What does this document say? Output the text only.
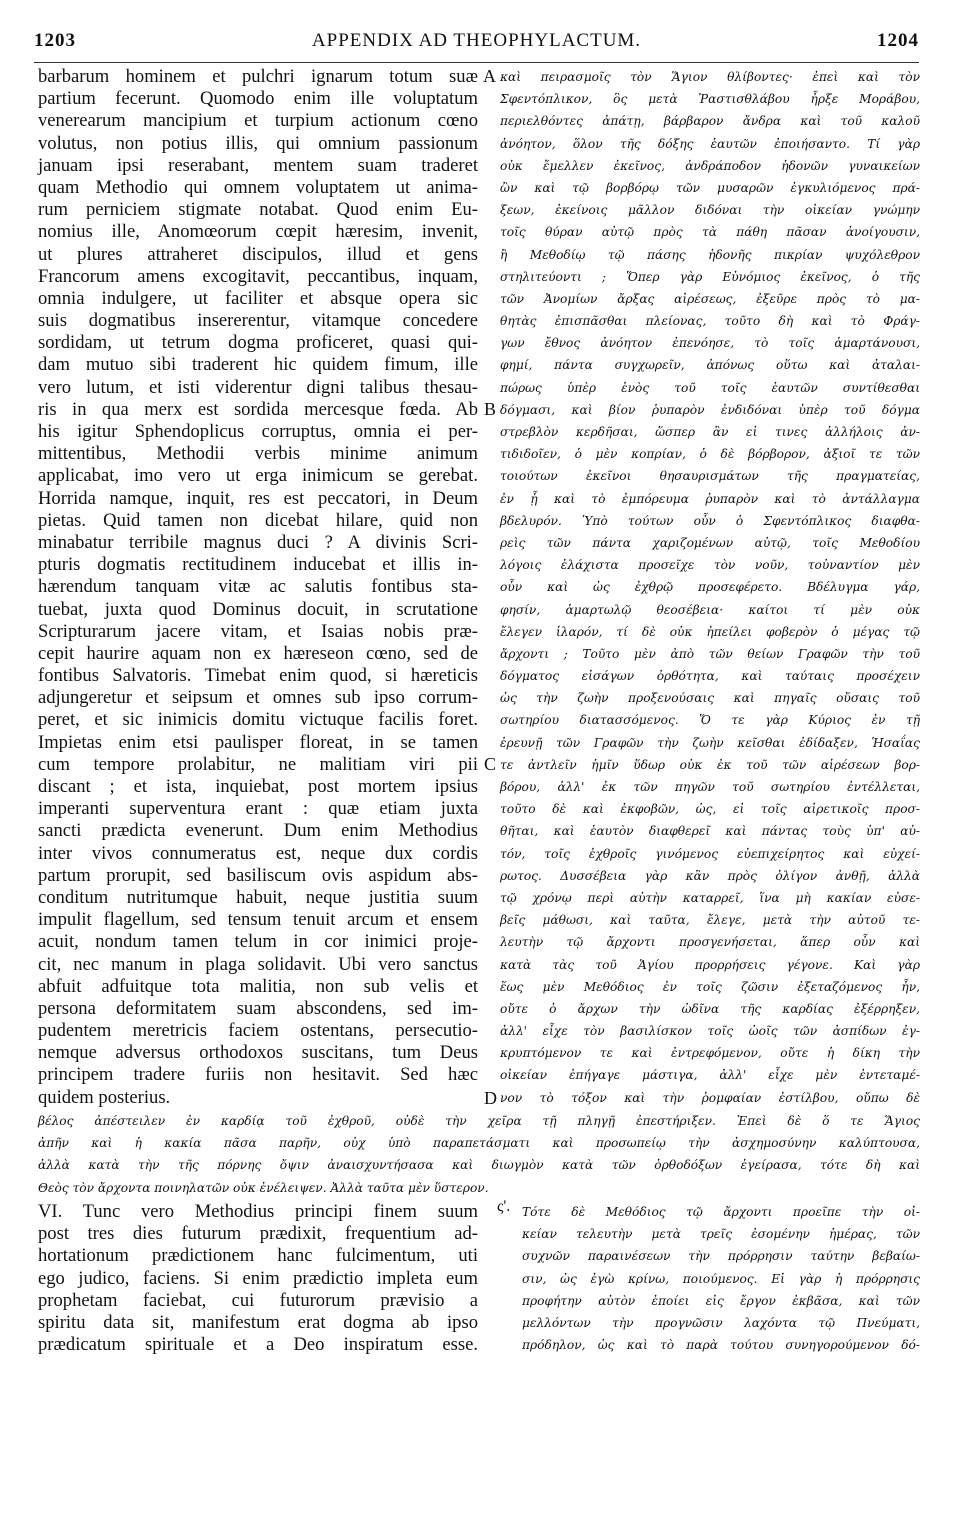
1203	APPENDIX AD THEOPHYLACTUM.	1204
barbarum hominem et pulchri ignarum totum suæ
partium fecerunt. Quomodo enim ille voluptatum
venerearum mancipium et turpium actionum cœno
volutus, non potius illis, qui omnium passionum
januam ipsi reserabant, mentem suam traderet
quam Methodio qui omnem voluptatem ut anima-
rum perniciem stigmate notabat. Quod enim Eu-
nomius ille, Anomœorum cœpit hæresim, invenit,
ut plures attraheret discipulos, illud et gens
Francorum amens excogitavit, peccantibus, inquam,
omnia indulgere, ut faciliter et absque opera sic
suis dogmatibus insererentur, vitamque concedere
sordidam, ut tetrum dogma proficeret, quasi qui-
dam mutuo sibi traderent hic quidem fimum, ille
vero lutum, et isti viderentur digni talibus thesau-
ris in qua merx est sordida mercesque fœda. Ab
his igitur Sphendoplicus corruptus, omnia ei per-
mittentibus, Methodii verbis minime animum
applicabat, imo vero ut erga inimicum se gerebat.
Horrida namque, inquit, res est peccatori, in Deum
pietas. Quid tamen non dicebat hilare, quid non
minabatur terribile magnus duci ? A divinis Scri-
pturis dogmatis rectitudinem inducebat et illis in-
hærendum tanquam vitæ ac salutis fontibus sta-
tuebat, juxta quod Dominus docuit, in scrutatione
Scripturarum jacere vitam, et Isaias nobis præ-
cepit haurire aquam non ex hæreseon cœno, sed de
fontibus Salvatoris. Timebat enim quod, si hæreticis
adjungeretur et seipsum et omnes sub ipso corrum-
peret, et sic inimicis domitu victuque facilis foret.
Impietas enim etsi paulisper floreat, in se tamen
cum tempore prolabitur, ne malitiam viri pii
discant ; et ista, inquiebat, post mortem ipsius
imperanti superventura erant : quæ etiam juxta
sancti prædicta evenerunt. Dum enim Methodius
inter vivos connumeratus est, neque dux cordis
partum prorupit, sed basiliscum ovis aspidum abs-
conditum nutritumque habuit, neque justitia suum
impulit flagellum, sed tensum tenuit arcum et ensem
acuit, nondum tamen telum in cor inimici proje-
cit, nec manum in plaga solidavit. Ubi vero sanctus
abfuit adfuitque tota malitia, non sub velis et
persona deformitatem suam abscondens, sed im-
pudentem meretricis faciem ostentans, persecutio-
nemque adversus orthodoxos suscitans, tum Deus
principem tradere furiis non hesitavit. Sed hæc
quidem posterius.
καὶ πειρασμοῖς τὸν Ἅγιον θλίβοντες· ἐπεὶ καὶ τὸν
Σφεντόπλικον, ὃς μετὰ Ῥαστισθλάβου ἦρξε Μοράβου,
περιελθόντες ἀπάτῃ, βάρβαρον ἄνδρα καὶ τοῦ καλοῦ
ἀνόητον, ὅλον τῆς δόξης ἑαυτῶν ἐποιήσαντο. Τί γὰρ
οὐκ ἔμελλεν ἐκεῖνος, ἀνδράποδον ἡδονῶν γυναικείων
ὢν καὶ τῷ βορβόρῳ τῶν μυσαρῶν ἐγκυλιόμενος πρά-
ξεων, ἐκείνοις μᾶλλον διδόναι τὴν οἰκείαν γνώμην
τοῖς θύραν αὐτῷ πρὸς τὰ πάθη πᾶσαν ἀνοίγουσιν,
ἢ Μεθοδίῳ τῷ πάσης ἡδονῆς πικρίαν ψυχόλεθρον
στηλιτεύοντι ; Ὅπερ γὰρ Εὐνόμιος ἐκεῖνος, ὁ τῆς
τῶν Ἀνομίων ἄρξας αἱρέσεως, ἐξεῦρε πρὸς τὸ μα-
θητὰς ἐπισπᾶσθαι πλείονας, τοῦτο δὴ καὶ τὸ Φράγ-
γων ἔθνος ἀνόητον ἐπενόησε, τὸ τοῖς ἁμαρτάνουσι,
φημί, πάντα συγχωρεῖν, ἀπόνως οὕτω καὶ ἀταλαι-
πώρως ὑπὲρ ἑνὸς τοῦ τοῖς ἑαυτῶν συντίθεσθαι
δόγμασι, καὶ βίον ῥυπαρὸν ἐνδιδόναι ὑπὲρ τοῦ δόγμα
στρεβλὸν κερδῆσαι, ὥσπερ ἂν εἰ τινες ἀλλήλοις ἀν-
τιδιδοῖεν, ὁ μὲν κοπρίαν, ὁ δὲ βόρβορον, ἀξιοῖ τε τῶν
τοιούτων ἐκεῖνοι θησαυρισμάτων τῆς πραγματείας,
ἐν ᾗ καὶ τὸ ἐμπόρευμα ῥυπαρὸν καὶ τὸ ἀντάλλαγμα
βδελυρόν. Ὑπὸ τούτων οὖν ὁ Σφεντόπλικος διαφθα-
ρεὶς τῶν πάντα χαριζομένων αὐτῷ, τοῖς Μεθοδίου
λόγοις ἐλάχιστα προσεῖχε τὸν νοῦν, τοὐναντίον μὲν
οὖν καὶ ὡς ἐχθρῷ προσεφέρετο. Βδέλυγμα γάρ,
φησίν, ἁμαρτωλῷ θεοσέβεια· καίτοι τί μὲν οὐκ
ἔλεγεν ἱλαρόν, τί δὲ οὐκ ἠπείλει φοβερὸν ὁ μέγας τῷ
ἄρχοντι ; Τοῦτο μὲν ἀπὸ τῶν θείων Γραφῶν τὴν τοῦ
δόγματος εἰσάγων ὀρθότητα, καὶ ταύταις προσέχειν
ὡς τὴν ζωὴν προξενούσαις καὶ πηγαῖς οὔσαις τοῦ
σωτηρίου διατασσόμενος. Ὅ τε γὰρ Κύριος ἐν τῇ
ἐρευνῇ τῶν Γραφῶν τὴν ζωὴν κεῖσθαι ἐδίδαξεν, Ἡσαΐας
τε ἀντλεῖν ἡμῖν ὕδωρ οὐκ ἐκ τοῦ τῶν αἱρέσεων βορ-
βόρου, ἀλλ' ἐκ τῶν πηγῶν τοῦ σωτηρίου ἐντέλλεται,
τοῦτο δὲ καὶ ἐκφοβῶν, ὡς, εἰ τοῖς αἱρετικοῖς προσ-
θῆται, καὶ ἑαυτὸν διαφθερεῖ καὶ πάντας τοὺς ὑπ' αὐ-
τόν, τοῖς ἐχθροῖς γινόμενος εὐεπιχείρητος καὶ εὐχεί-
ρωτος. Δυσσέβεια γὰρ κἂν πρὸς ὀλίγον ἀνθῇ, ἀλλὰ
τῷ χρόνῳ περὶ αὐτὴν καταρρεῖ, ἵνα μὴ κακίαν εὐσε-
βεῖς μάθωσι, καὶ ταῦτα, ἔλεγε, μετὰ τὴν αὐτοῦ τε-
λευτὴν τῷ ἄρχοντι προσγενήσεται, ἅπερ οὖν καὶ
κατὰ τὰς τοῦ Ἁγίου προρρήσεις γέγονε. Καὶ γὰρ
ἕως μὲν Μεθόδιος ἐν τοῖς ζῶσιν ἐξεταζόμενος ἦν,
οὔτε ὁ ἄρχων τὴν ὠδῖνα τῆς καρδίας ἐξέρρηξεν,
ἀλλ' εἶχε τὸν βασιλίσκον τοῖς ὠοῖς τῶν ἀσπίδων ἐγ-
κρυπτόμενον τε καὶ ἐντρεφόμενον, οὔτε ἡ δίκη τὴν
οἰκείαν ἐπήγαγε μάστιγα, ἀλλ' εἶχε μὲν ἐντεταμέ-
νον τὸ τόξον καὶ τὴν ῥομφαίαν ἐστίλβου, οὔπω δὲ
βέλος ἀπέστειλεν ἐν καρδίᾳ τοῦ ἐχθροῦ, οὐδὲ τὴν χεῖρα τῇ πληγῇ ἐπεστήριξεν. Ἐπεὶ δὲ ὅ τε Ἅγιος
ἀπῆν καὶ ἡ κακία πᾶσα παρῆν, οὐχ ὑπὸ παραπετάσματι καὶ προσωπείῳ τὴν ἀσχημοσύνην καλύπτουσα,
ἀλλὰ κατὰ τὴν τῆς πόρνης ὄψιν ἀναισχυντήσασα καὶ διωγμὸν κατὰ τῶν ὀρθοδόξων ἐγείρασα, τότε δὴ καὶ
Θεὸς τὸν ἄρχοντα ποινηλατῶν οὐκ ἐνέλειψεν. Ἀλλὰ ταῦτα μὲν ὕστερον.
VI. Tunc vero Methodius principi finem suum
post tres dies futurum prædixit, frequentium ad-
hortationum prædictionem hanc fulcimentum, uti
ego judico, faciens. Si enim prædictio impleta eum
prophetam faciebat, cui futurorum prævisio a
spiritu data sit, manifestum erat dogma ab ipso
prædicatum spirituale et a Deo inspiratum esse.
Τότε δὲ Μεθόδιος τῷ ἄρχοντι προεῖπε τὴν οἰ-
κείαν τελευτὴν μετὰ τρεῖς ἐσομένην ἡμέρας, τῶν
συχνῶν παραινέσεων τὴν πρόρρησιν ταύτην βεβαίω-
σιν, ὡς ἐγὼ κρίνω, ποιούμενος. Εἰ γὰρ ἡ πρόρρησις
προφήτην αὐτὸν ἐποίει εἰς ἔργον ἐκβᾶσα, καὶ τῶν
μελλόντων τὴν προγνῶσιν λαχόντα τῷ Πνεύματι,
πρόδηλον, ὡς καὶ τὸ παρὰ τούτου συνηγορούμενον δό-
ς'.
A
B
C
D
